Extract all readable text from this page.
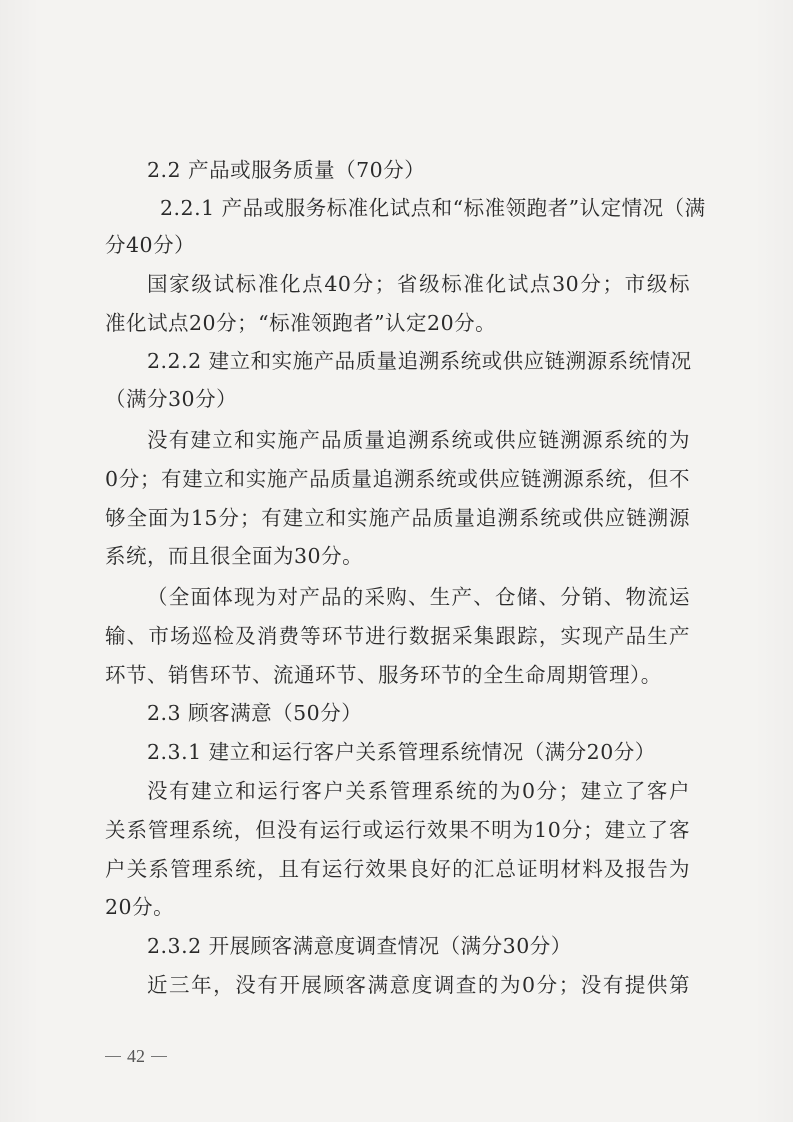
2.2 产品或服务质量（70分）
2.2.1 产品或服务标准化试点和“标准领跑者”认定情况（满
分40分）
国家级试标准化点40分；省级标准化试点30分；市级标
准化试点20分；“标准领跑者”认定20分。
2.2.2 建立和实施产品质量追溯系统或供应链溯源系统情况
（满分30分）
没有建立和实施产品质量追溯系统或供应链溯源系统的为
0分；有建立和实施产品质量追溯系统或供应链溯源系统，但不
够全面为15分；有建立和实施产品质量追溯系统或供应链溯源
系统，而且很全面为30分。
（全面体现为对产品的采购、生产、仓储、分销、物流运
输、市场巡检及消费等环节进行数据采集跟踪，实现产品生产
环节、销售环节、流通环节、服务环节的全生命周期管理）。
2.3 顾客满意（50分）
2.3.1 建立和运行客户关系管理系统情况（满分20分）
没有建立和运行客户关系管理系统的为0分；建立了客户
关系管理系统，但没有运行或运行效果不明为10分；建立了客
户关系管理系统，且有运行效果良好的汇总证明材料及报告为
20分。
2.3.2 开展顾客满意度调查情况（满分30分）
近三年，没有开展顾客满意度调查的为0分；没有提供第
42
